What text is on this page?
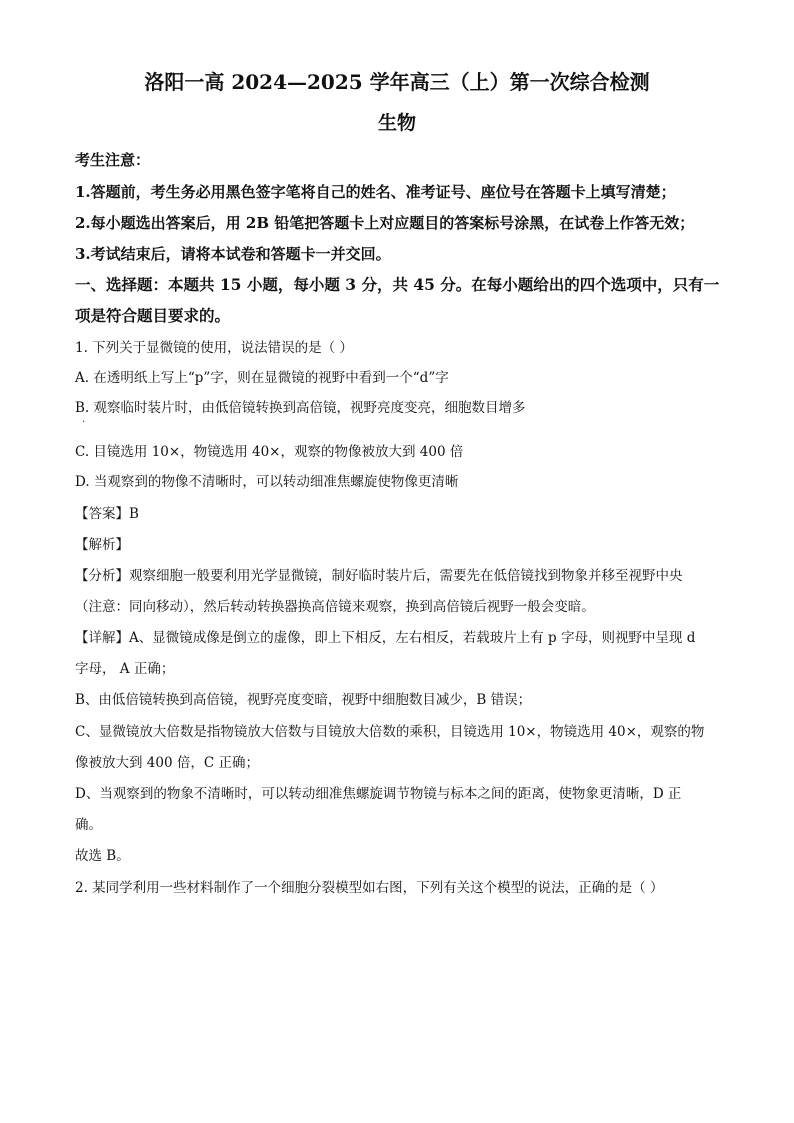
洛阳一高 2024—2025 学年高三（上）第一次综合检测
生物
考生注意：
1.答题前，考生务必用黑色签字笔将自己的姓名、准考证号、座位号在答题卡上填写清楚；
2.每小题选出答案后，用 2B 铅笔把答题卡上对应题目的答案标号涂黑，在试卷上作答无效；
3.考试结束后，请将本试卷和答题卡一并交回。
一、选择题：本题共 15 小题，每小题 3 分，共 45 分。在每小题给出的四个选项中，只有一
项是符合题目要求的。
1. 下列关于显微镜的使用，说法错误的是（ ）
A. 在透明纸上写上“p”字，则在显微镜的视野中看到一个“d”字
B. 观察临时装片时，由低倍镜转换到高倍镜，视野亮度变亮，细胞数目增多
·
C. 目镜选用 10×，物镜选用 40×，观察的物像被放大到 400 倍
D. 当观察到的物像不清晰时，可以转动细准焦螺旋使物像更清晰
【答案】B
【解析】
【分析】观察细胞一般要利用光学显微镜，制好临时装片后，需要先在低倍镜找到物象并移至视野中央
（注意：同向移动），然后转动转换器换高倍镜来观察，换到高倍镜后视野一般会变暗。
【详解】A、显微镜成像是倒立的虚像，即上下相反，左右相反，若载玻片上有 p 字母，则视野中呈现 d
字母， A 正确；
B、由低倍镜转换到高倍镜，视野亮度变暗，视野中细胞数目减少，B 错误；
C、显微镜放大倍数是指物镜放大倍数与目镜放大倍数的乘积，目镜选用 10×，物镜选用 40×，观察的物
像被放大到 400 倍，C 正确；
D、当观察到的物象不清晰时，可以转动细准焦螺旋调节物镜与标本之间的距离，使物象更清晰，D 正
确。
故选 B。
2. 某同学利用一些材料制作了一个细胞分裂模型如右图，下列有关这个模型的说法，正确的是（ ）
